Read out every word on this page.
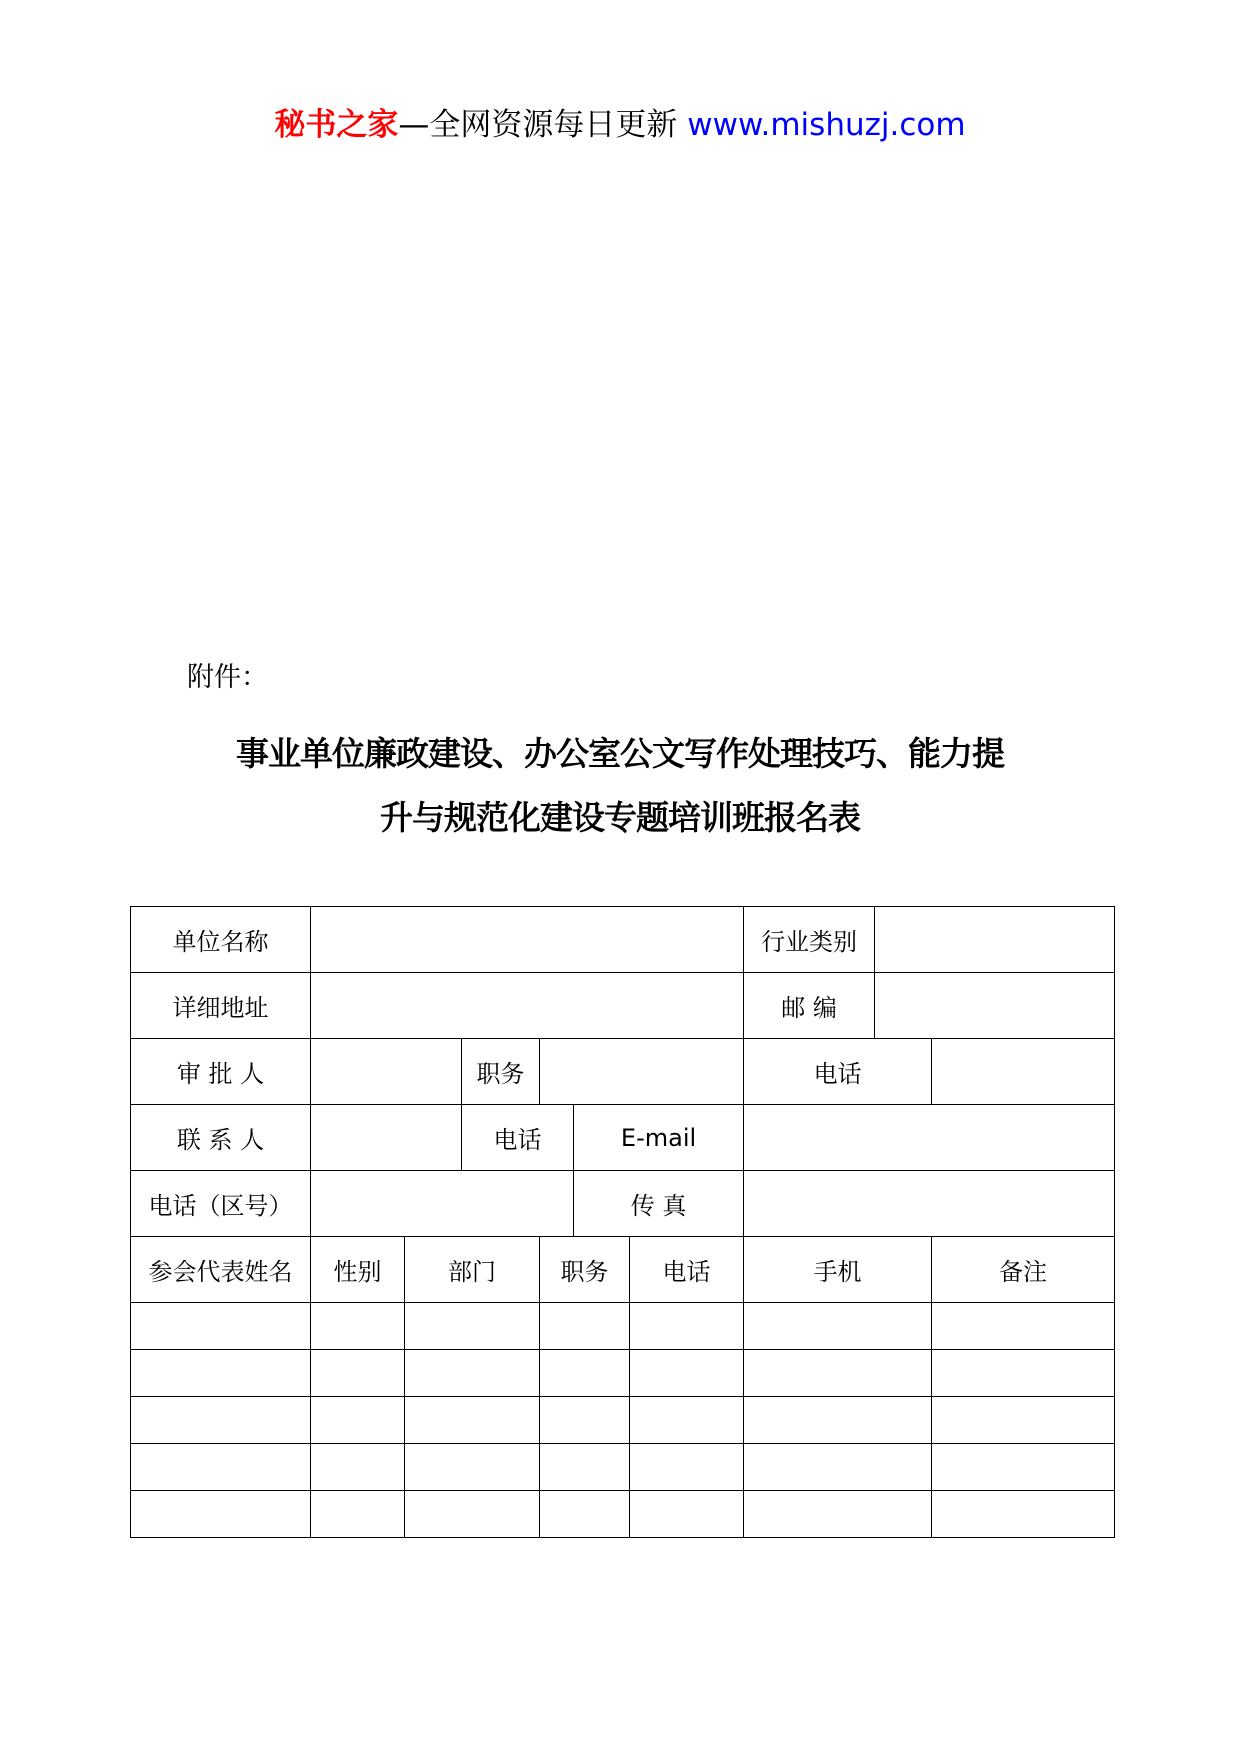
秘书之家—全网资源每日更新 www.mishuzj.com
附件：
事业单位廉政建设、办公室公文写作处理技巧、能力提
升与规范化建设专题培训班报名表
单位名称							行业类别		
详细地址							邮 编		
审 批 人			职务				电话		
联 系 人			电话		E-mail				
电话（区号）					传 真				
参会代表姓名	性别	部门		职务		电话	手机		备注
